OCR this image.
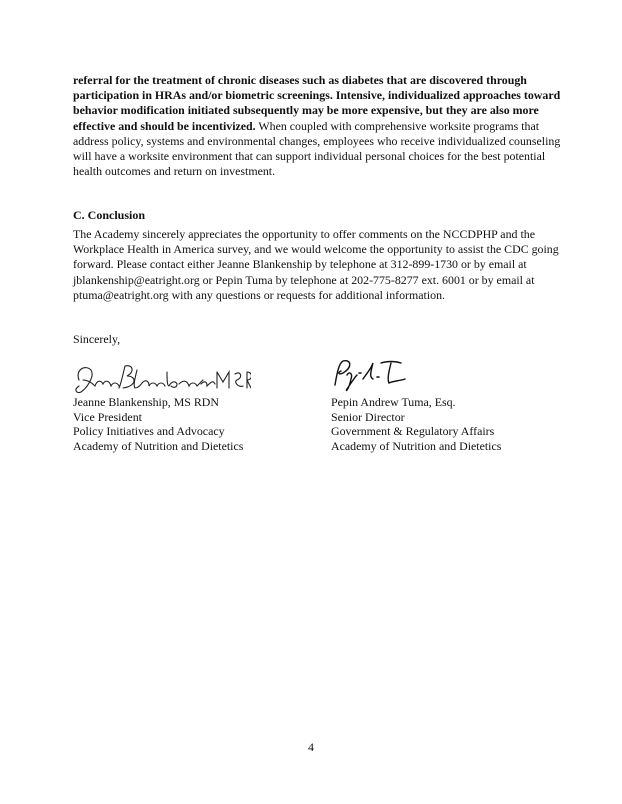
referral for the treatment of chronic diseases such as diabetes that are discovered through participation in HRAs and/or biometric screenings. Intensive, individualized approaches toward behavior modification initiated subsequently may be more expensive, but they are also more effective and should be incentivized. When coupled with comprehensive worksite programs that address policy, systems and environmental changes, employees who receive individualized counseling will have a worksite environment that can support individual personal choices for the best potential health outcomes and return on investment.

C. Conclusion

The Academy sincerely appreciates the opportunity to offer comments on the NCCDPHP and the Workplace Health in America survey, and we would welcome the opportunity to assist the CDC going forward. Please contact either Jeanne Blankenship by telephone at 312-899-1730 or by email at jblankenship@eatright.org or Pepin Tuma by telephone at 202-775-8277 ext. 6001 or by email at ptuma@eatright.org with any questions or requests for additional information.

Sincerely,

Jeanne Blankenship, MS RDN
Vice President
Policy Initiatives and Advocacy
Academy of Nutrition and Dietetics
Pepin Andrew Tuma, Esq.
Senior Director
Government & Regulatory Affairs
Academy of Nutrition and Dietetics

4
